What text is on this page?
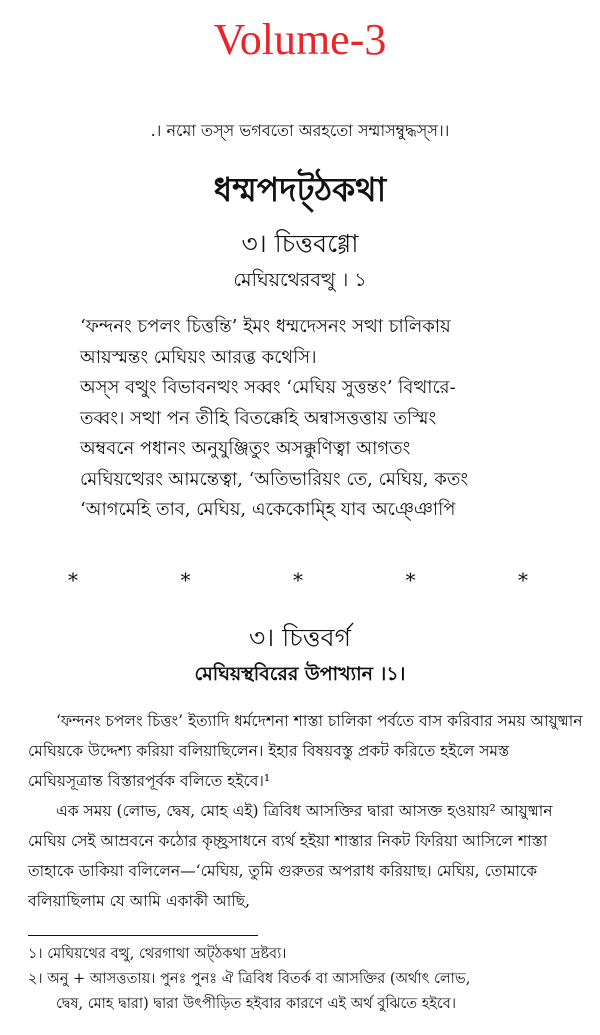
Volume-3
.। নমো তস্স ভগবতো অরহতো সম্মাসম্বুদ্ধস্স।।
ধম্মপদট্ঠকথা
৩। চিত্তবগ্গো
মেঘিয়থেরবত্থু । ১

‘ফন্দনং চপলং চিত্তন্তি’ ইমং ধম্মদেসনং সত্থা চালিকায়

আয়স্মন্তং মেঘিয়ং আরব্ভ কথেসি।

অস্স বত্থুং বিভাবনত্থং সব্বং ‘মেঘিয় সুত্তন্তং’ বিত্থারে-

তব্বং। সত্থা পন তীহি বিতক্কেহি অন্বাসত্তত্তায় তস্মিং

অম্ববনে পধানং অনুযুঞ্জিতুং অসক্কুণিত্বা আগতং

মেঘিয়ত্থেরং আমন্তেত্বা, ‘অতিভারিয়ং তে, মেঘিয়, কতং

‘আগমেহি তাব, মেঘিয়, একেকোম্হি যাব অঞ্ঞোপি

*	*	*	*	*
৩। চিত্তবর্গ
মেঘিয়স্থবিরের উপাখ্যান ।১।

‘ফন্দনং চপলং চিত্তং’ ইত্যাদি ধর্মদেশনা শাস্তা চালিকা পর্বতে বাস করিবার সময় আয়ুষ্মান মেঘিয়কে উদ্দেশ্য করিয়া বলিয়াছিলেন। ইহার বিষয়বস্তু প্রকট করিতে হইলে সমস্ত মেঘিয়সূত্রান্ত বিস্তারপূর্বক বলিতে হইবে।¹

এক সময় (লোভ, দ্বেষ, মোহ এই) ত্রিবিধ আসক্তির দ্বারা আসক্ত হওয়ায়² আয়ুষ্মান মেঘিয় সেই আম্রবনে কঠোর কৃচ্ছ্রসাধনে ব্যর্থ হইয়া শাস্তার নিকট ফিরিয়া আসিলে শাস্তা তাহাকে ডাকিয়া বলিলেন—‘মেঘিয়, তুমি গুরুতর অপরাধ করিয়াছ। মেঘিয়, তোমাকে বলিয়াছিলাম যে আমি একাকী আছি,

১। মেঘিয়থের বত্থু, থেরগাথা অট্‌ঠকথা দ্রষ্টব্য।
২। অনু + আসত্ততায়। পুনঃ পুনঃ ঐ ত্রিবিধ বিতর্ক বা আসক্তির (অর্থাৎ লোভ,
দ্বেষ, মোহ দ্বারা) দ্বারা উৎপীড়িত হইবার কারণে এই অর্থ বুঝিতে হইবে।
